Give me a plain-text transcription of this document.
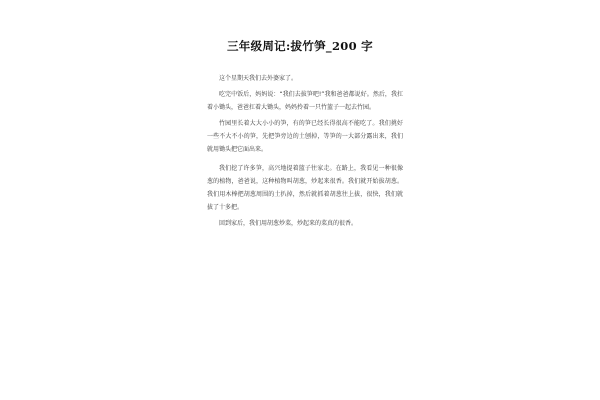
三年级周记:拔竹笋_200 字

这个星期天我们去外婆家了。

吃完中饭后，妈妈说：“我们去拔笋吧!”我和爸爸都说好。然后，我扛着小锄头，爸爸扛着大锄头，妈妈拎着一只竹篮子一起去竹园。

竹园里长着大大小小的笋，有的笋已经长得很高不能吃了。我们挑好一些不大不小的笋，先把笋旁边的土刨掉，等笋的一大部分露出来，我们就用锄头把它面出来。

我们挖了许多笋，高兴地提着篮子往家走。在路上，我看见一种很像葱的植物，爸爸说，这种植物叫胡葱，炒起来很香。我们就开始拔胡葱。我们用木棒把胡葱周围的土扒掉，然后就抓着胡葱往上拔，很快，我们就拔了十多把。

回到家后，我们用胡葱炒菜，炒起来的菜真的很香。
